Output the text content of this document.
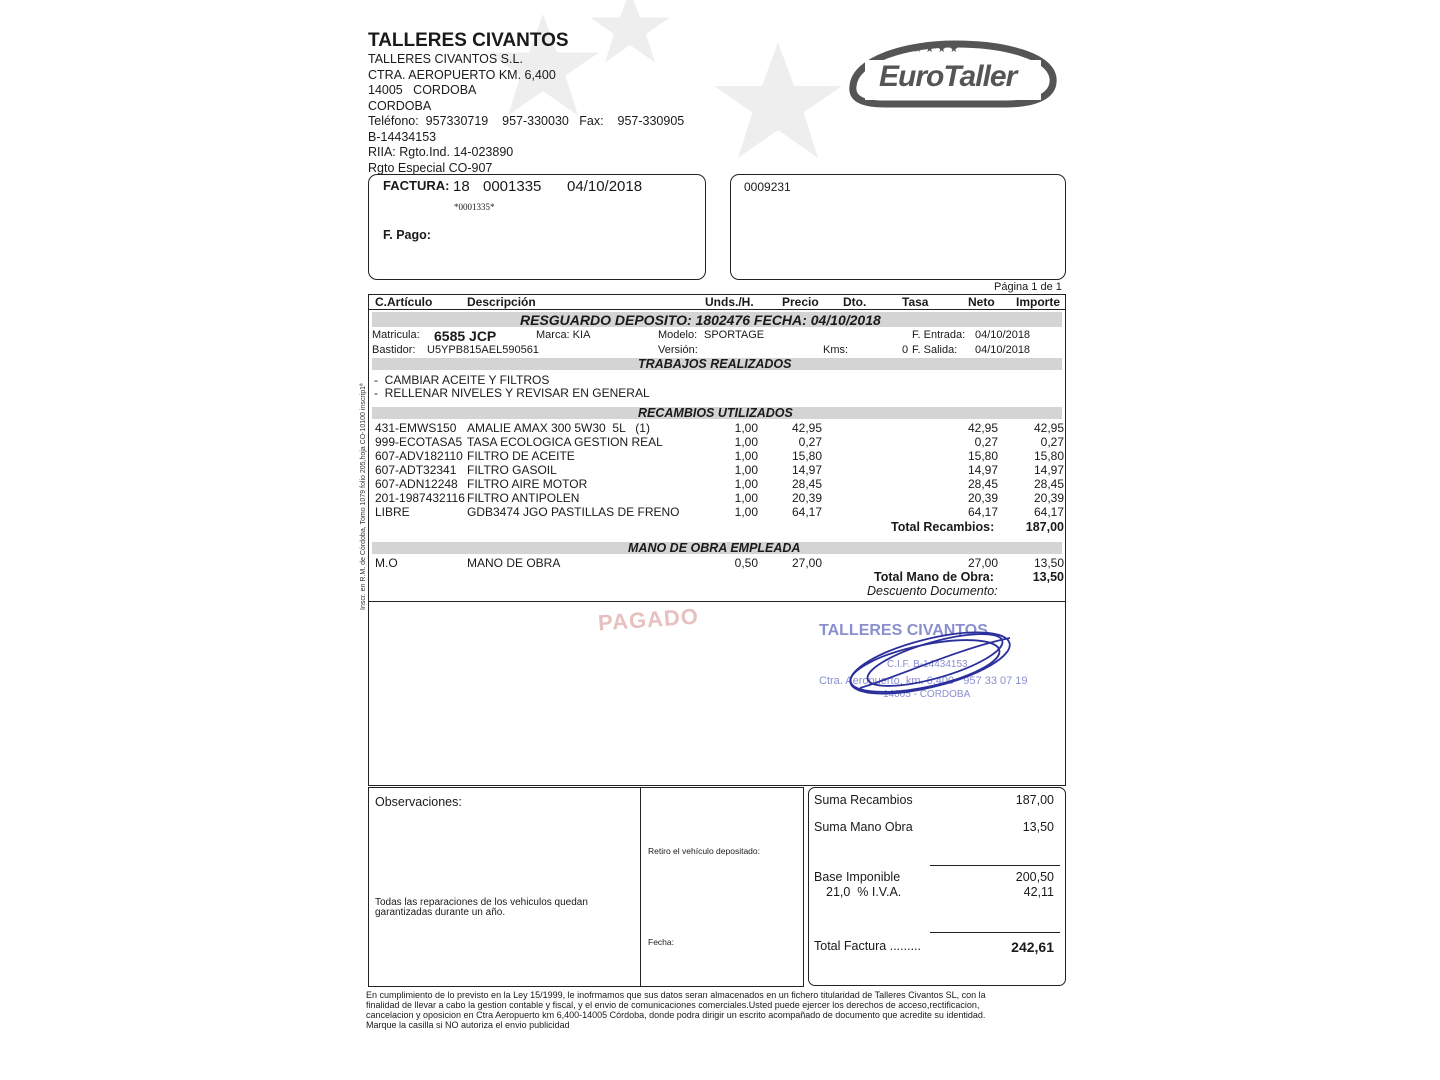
TALLERES CIVANTOS
TALLERES CIVANTOS S.L.
CTRA. AEROPUERTO KM. 6,400
14005   CORDOBA
CORDOBA
Teléfono:  957330719    957-330030   Fax:    957-330905
B-14434153
RIIA: Rgto.Ind. 14-023890
Rgto Especial CO-907
★ ★ ★ ★
EuroTaller
FACTURA: 18 0001335 04/10/2018
*0001335*
F. Pago:
0009231
Página 1 de 1
C.Artículo	Descripción	Unds./H. Precio Dto.	Tasa	Neto Importe
RESGUARDO DEPOSITO: 1802476 FECHA: 04/10/2018
Matricula: 6585 JCP	Marca: KIA	Modelo: SPORTAGE	F. Entrada: 04/10/2018
Bastidor: U5YPB815AEL590561	Versión:	Kms:	0 F. Salida: 04/10/2018
TRABAJOS REALIZADOS
-  CAMBIAR ACEITE Y FILTROS
-  RELLENAR NIVELES Y REVISAR EN GENERAL
RECAMBIOS UTILIZADOS
431-EMWS150 AMALIE AMAX 300 5W30  5L   (1)	1,00	42,95	42,95	42,95
999-ECOTASA5 TASA ECOLOGICA GESTION REAL	1,00	0,27	0,27	0,27
607-ADV182110 FILTRO DE ACEITE	1,00	15,80	15,80	15,80
607-ADT32341 FILTRO GASOIL	1,00	14,97	14,97	14,97
607-ADN12248 FILTRO AIRE MOTOR	1,00	28,45	28,45	28,45
201-1987432116 FILTRO ANTIPOLEN	1,00	20,39	20,39	20,39
LIBRE	GDB3474 JGO PASTILLAS DE FRENO	1,00	64,17	64,17	64,17
Total Recambios:	187,00
MANO DE OBRA EMPLEADA
M.O	MANO DE OBRA	0,50	27,00	27,00	13,50
Total Mano de Obra:	13,50
Descuento Documento:
Inscr. en R.M. de Córdoba, Tomo 1079 folio 205,hoja CO-10100 inscrip1ª
PAGADO	TALLERES CIVANTOS
C.I.F. B-14434153
Ctra. Aeropuerto, km. 6,400   957 33 07 19
14005 - CORDOBA
Observaciones:
Todas las reparaciones de los vehiculos quedan
garantizadas durante un año.
Retiro el vehículo depositado:
Fecha:
Suma Recambios	187,00
Suma Mano Obra	13,50
Base Imponible	200,50
21,0  % I.V.A.	42,11
Total Factura .........	242,61
En cumplimiento de lo previsto en la Ley 15/1999, le inofrmamos que sus datos seran almacenados en un fichero titularidad de Talleres Civantos SL, con la
finalidad de llevar a cabo la gestion contable y fiscal, y el envio de comunicaciones comerciales.Usted puede ejercer los derechos de acceso,rectificacion,
cancelacion y oposicion en Ctra Aeropuerto km 6,400-14005 Córdoba, donde podra dirigir un escrito acompañado de documento que acredite su identidad.
Marque la casilla si NO autoriza el envio publicidad
